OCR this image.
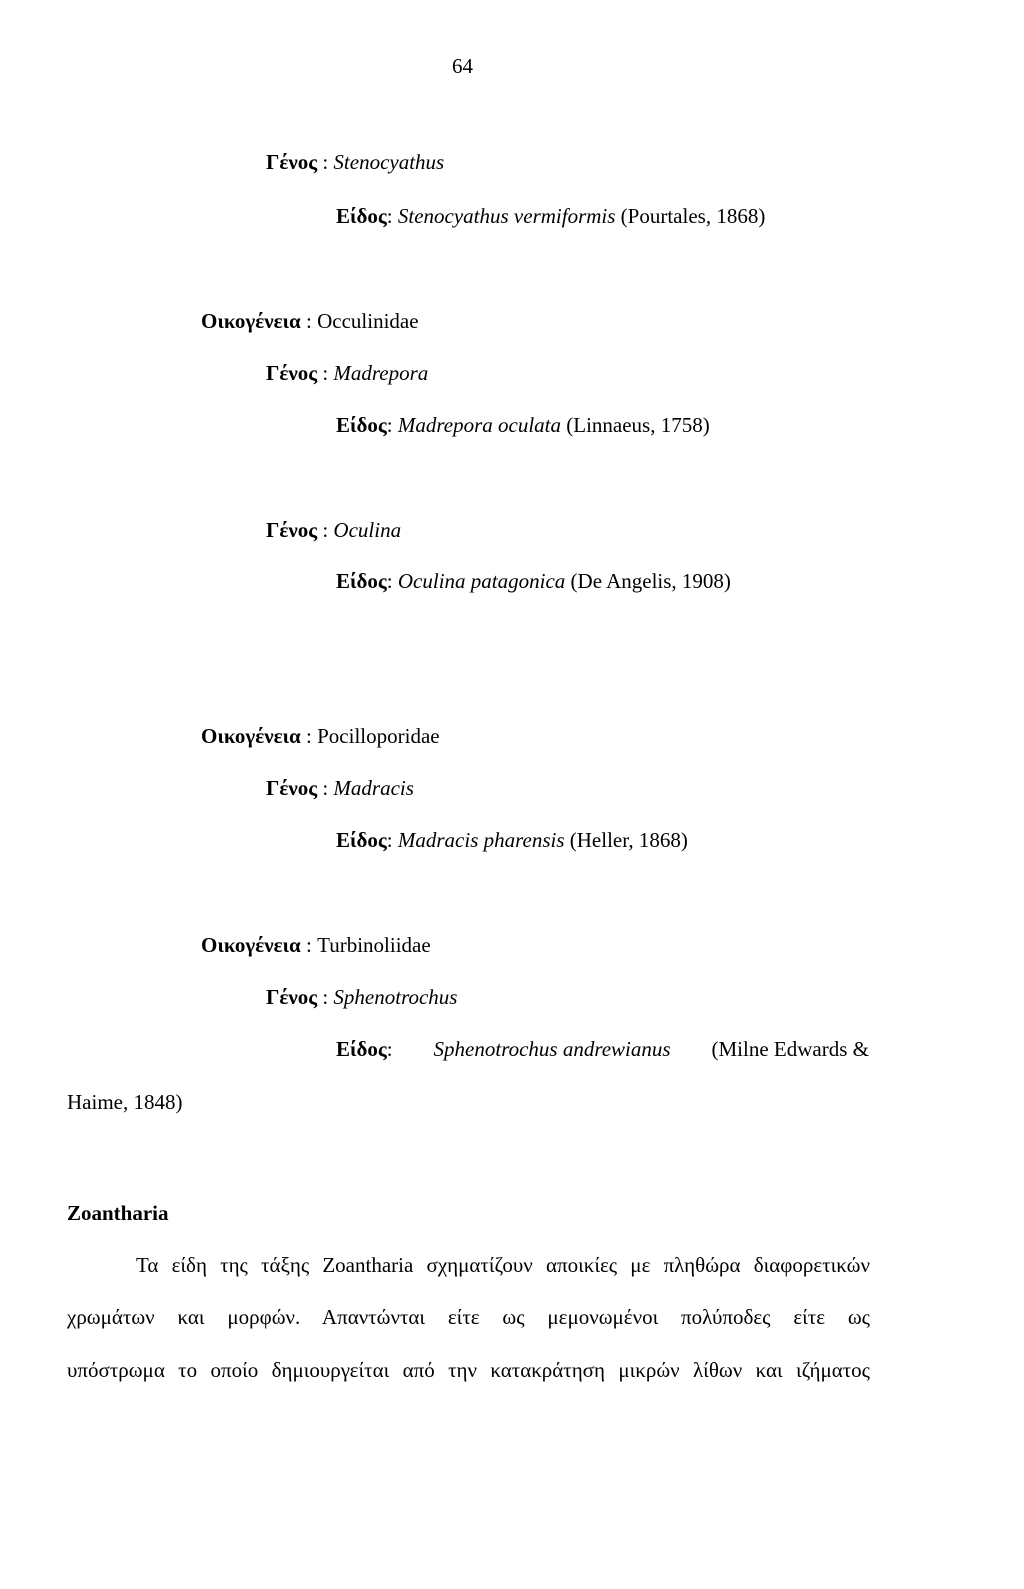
64
Γένος : Stenocyathus
Είδος: Stenocyathus vermiformis (Pourtales, 1868)
Οικογένεια : Occulinidae
Γένος : Madrepora
Είδος: Madrepora oculata (Linnaeus, 1758)
Γένος : Oculina
Είδος: Oculina patagonica (De Angelis, 1908)
Οικογένεια : Pocilloporidae
Γένος : Madracis
Είδος: Madracis pharensis (Heller, 1868)
Οικογένεια : Turbinoliidae
Γένος : Sphenotrochus
Είδος: Sphenotrochus andrewianus (Milne Edwards &
Haime, 1848)
Zoantharia
Τα είδη της τάξης Zoantharia σχηματίζουν αποικίες με πληθώρα διαφορετικών
χρωμάτων και μορφών. Απαντώνται είτε ως μεμονωμένοι πολύποδες είτε ως
υπόστρωμα το οποίο δημιουργείται από την κατακράτηση μικρών λίθων και ιζήματος
